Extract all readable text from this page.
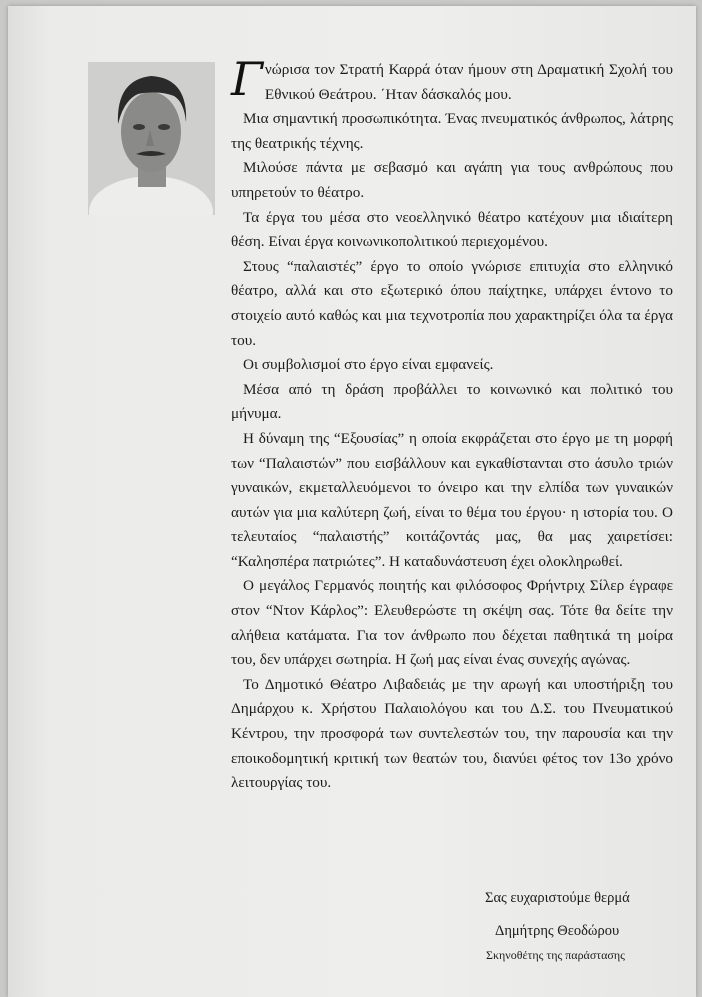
Γνώρισα τον Στρατή Καρρά όταν ήμουν στη Δραματική Σχολή του Εθνικού Θεάτρου. ΄Ηταν δάσκαλός μου.

Μια σημαντική προσωπικότητα. Ένας πνευματικός άνθρωπος, λάτρης της θεατρικής τέχνης.

Μιλούσε πάντα με σεβασμό και αγάπη για τους ανθρώπους που υπηρετούν το θέατρο.

Τα έργα του μέσα στο νεοελληνικό θέατρο κατέχουν μια ιδιαίτερη θέση. Είναι έργα κοινωνικοπολιτικού περιεχομένου.

Στους “παλαιστές” έργο το οποίο γνώρισε επιτυχία στο ελληνικό θέατρο, αλλά και στο εξωτερικό όπου παίχτηκε, υπάρχει έντονο το στοιχείο αυτό καθώς και μια τεχνοτροπία που χαρακτηρίζει όλα τα έργα του.

Οι συμβολισμοί στο έργο είναι εμφανείς.

Μέσα από τη δράση προβάλλει το κοινωνικό και πολιτικό του μήνυμα.

Η δύναμη της “Εξουσίας” η οποία εκφράζεται στο έργο με τη μορφή των “Παλαιστών” που εισβάλλουν και εγκαθίστανται στο άσυλο τριών γυναικών, εκμεταλλευόμενοι το όνειρο και την ελπίδα των γυναικών αυτών για μια καλύτερη ζωή, είναι το θέμα του έργου· η ιστορία του. Ο τελευταίος “παλαιστής” κοιτάζοντάς μας, θα μας χαιρετίσει: “Καλησπέρα πατριώτες”. Η καταδυνάστευση έχει ολοκληρωθεί.

Ο μεγάλος Γερμανός ποιητής και φιλόσοφος Φρήντριχ Σίλερ έγραφε στον “Ντον Κάρλος”: Ελευθερώστε τη σκέψη σας. Τότε θα δείτε την αλήθεια κατάματα. Για τον άνθρωπο που δέχεται παθητικά τη μοίρα του, δεν υπάρχει σωτηρία. Η ζωή μας είναι ένας συνεχής αγώνας.

Το Δημοτικό Θέατρο Λιβαδειάς με την αρωγή και υποστήριξη του Δημάρχου κ. Χρήστου Παλαιολόγου και του Δ.Σ. του Πνευματικού Κέντρου, την προσφορά των συντελεστών του, την παρουσία και την εποικοδομητική κριτική των θεατών του, διανύει φέτος τον 13ο χρόνο λειτουργίας του.

Σας ευχαριστούμε θερμά
Δημήτρης Θεοδώρου
Σκηνοθέτης της παράστασης
